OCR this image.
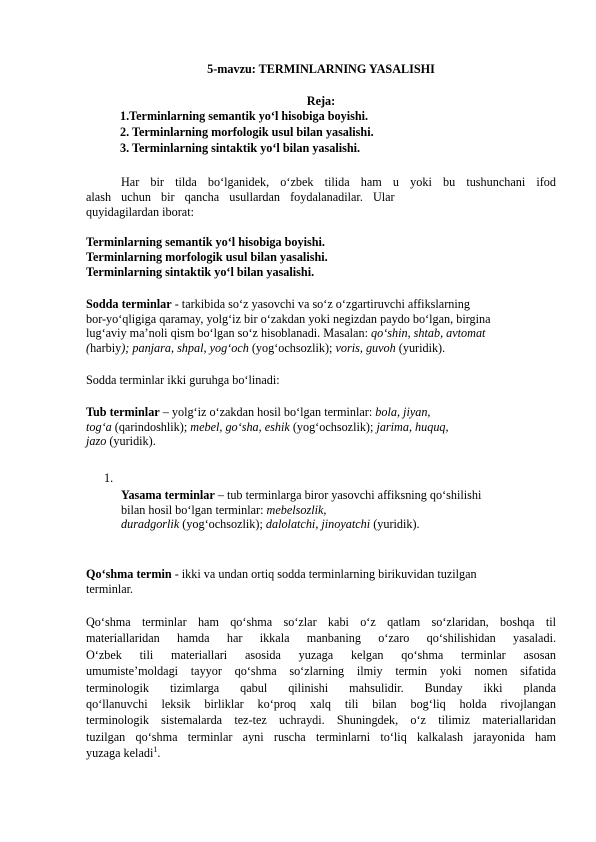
5-mavzu: TERMINLARNING YASALISHI
Reja:
1.Terminlarning semantik yo‘l hisobiga boyishi.
2. Terminlarning morfologik usul bilan yasalishi.
3. Terminlarning sintaktik yo‘l bilan yasalishi.

Har bir tilda bo‘lganidek, o‘zbek tilida ham u yoki bu tushunchani ifod

alash  uchun  bir  qancha  usullardan  foydalanadilar.  Ular

quyidagilardan iborat:

Terminlarning semantik yo‘l hisobiga boyishi.
Terminlarning morfologik usul bilan yasalishi.
Terminlarning sintaktik yo‘l bilan yasalishi.

Sodda terminlar - tarkibida so‘z yasovchi va so‘z o‘zgartiruvchi affikslarning

bor-yo‘qligiga qaramay, yolg‘iz bir o‘zakdan yoki negizdan paydo bo‘lgan, birgina

lug‘aviy ma’noli qism bo‘lgan so‘z hisoblanadi. Masalan: qo‘shin, shtab, avtomat

(harbiy); panjara, shpal, yog‘och (yog‘ochsozlik); voris, guvoh (yuridik).

Sodda terminlar ikki guruhga bo‘linadi:

Tub terminlar – yolg‘iz o‘zakdan hosil bo‘lgan terminlar: bola, jiyan,

tog‘a (qarindoshlik); mebel, go‘sha, eshik (yog‘ochsozlik); jarima, huquq,

jazo (yuridik).

1.

Yasama terminlar – tub terminlarga biror yasovchi affiksning qo‘shilishi

bilan hosil bo‘lgan terminlar: mebelsozlik,

duradgorlik (yog‘ochsozlik); dalolatchi, jinoyatchi (yuridik).

Qo‘shma termin - ikki va undan ortiq sodda terminlarning birikuvidan tuzilgan

terminlar.

Qo‘shma terminlar ham qo‘shma so‘zlar kabi o‘z qatlam so‘zlaridan, boshqa til

materiallaridan hamda har ikkala manbaning o‘zaro qo‘shilishidan yasaladi.

O‘zbek tili materiallari asosida yuzaga kelgan qo‘shma terminlar asosan

umumiste’moldagi tayyor qo‘shma so‘zlarning ilmiy termin yoki nomen sifatida

terminologik tizimlarga qabul qilinishi mahsulidir. Bunday ikki planda

qo‘llanuvchi leksik birliklar ko‘proq xalq tili bilan bog‘liq holda rivojlangan

terminologik sistemalarda tez-tez uchraydi. Shuningdek, o‘z tilimiz materiallaridan

tuzilgan qo‘shma terminlar ayni ruscha terminlarni to‘liq kalkalash jarayonida ham

yuzaga keladi$^1$.
